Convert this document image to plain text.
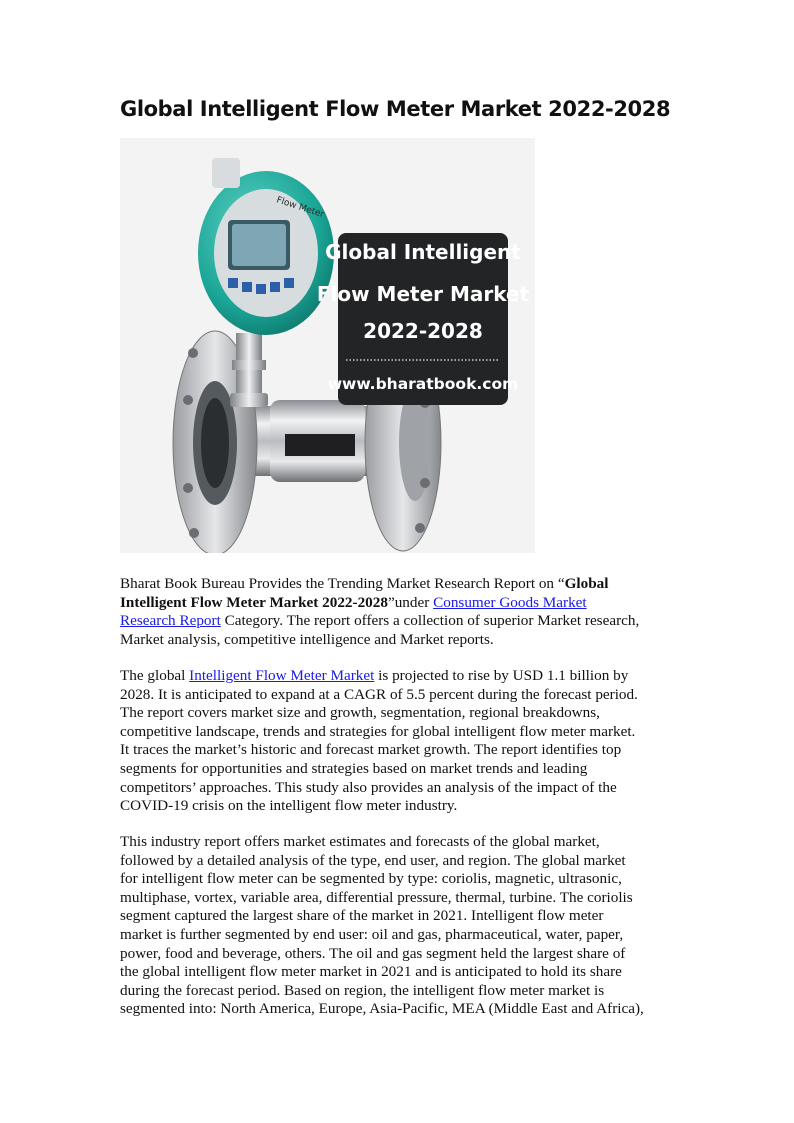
Global Intelligent Flow Meter Market 2022-2028
Flow Meter
Global Intelligent
Flow Meter Market
2022-2028
www.bharatbook.com

Bharat Book Bureau Provides the Trending Market Research Report on “Global
Intelligent Flow Meter Market 2022-2028”under Consumer Goods Market
Research Report Category. The report offers a collection of superior Market research,
Market analysis, competitive intelligence and Market reports.

The global Intelligent Flow Meter Market is projected to rise by USD 1.1 billion by
2028. It is anticipated to expand at a CAGR of 5.5 percent during the forecast period.
The report covers market size and growth, segmentation, regional breakdowns,
competitive landscape, trends and strategies for global intelligent flow meter market.
It traces the market’s historic and forecast market growth. The report identifies top
segments for opportunities and strategies based on market trends and leading
competitors’ approaches. This study also provides an analysis of the impact of the
COVID-19 crisis on the intelligent flow meter industry.

This industry report offers market estimates and forecasts of the global market,
followed by a detailed analysis of the type, end user, and region. The global market
for intelligent flow meter can be segmented by type: coriolis, magnetic, ultrasonic,
multiphase, vortex, variable area, differential pressure, thermal, turbine. The coriolis
segment captured the largest share of the market in 2021. Intelligent flow meter
market is further segmented by end user: oil and gas, pharmaceutical, water, paper,
power, food and beverage, others. The oil and gas segment held the largest share of
the global intelligent flow meter market in 2021 and is anticipated to hold its share
during the forecast period. Based on region, the intelligent flow meter market is
segmented into: North America, Europe, Asia-Pacific, MEA (Middle East and Africa),
